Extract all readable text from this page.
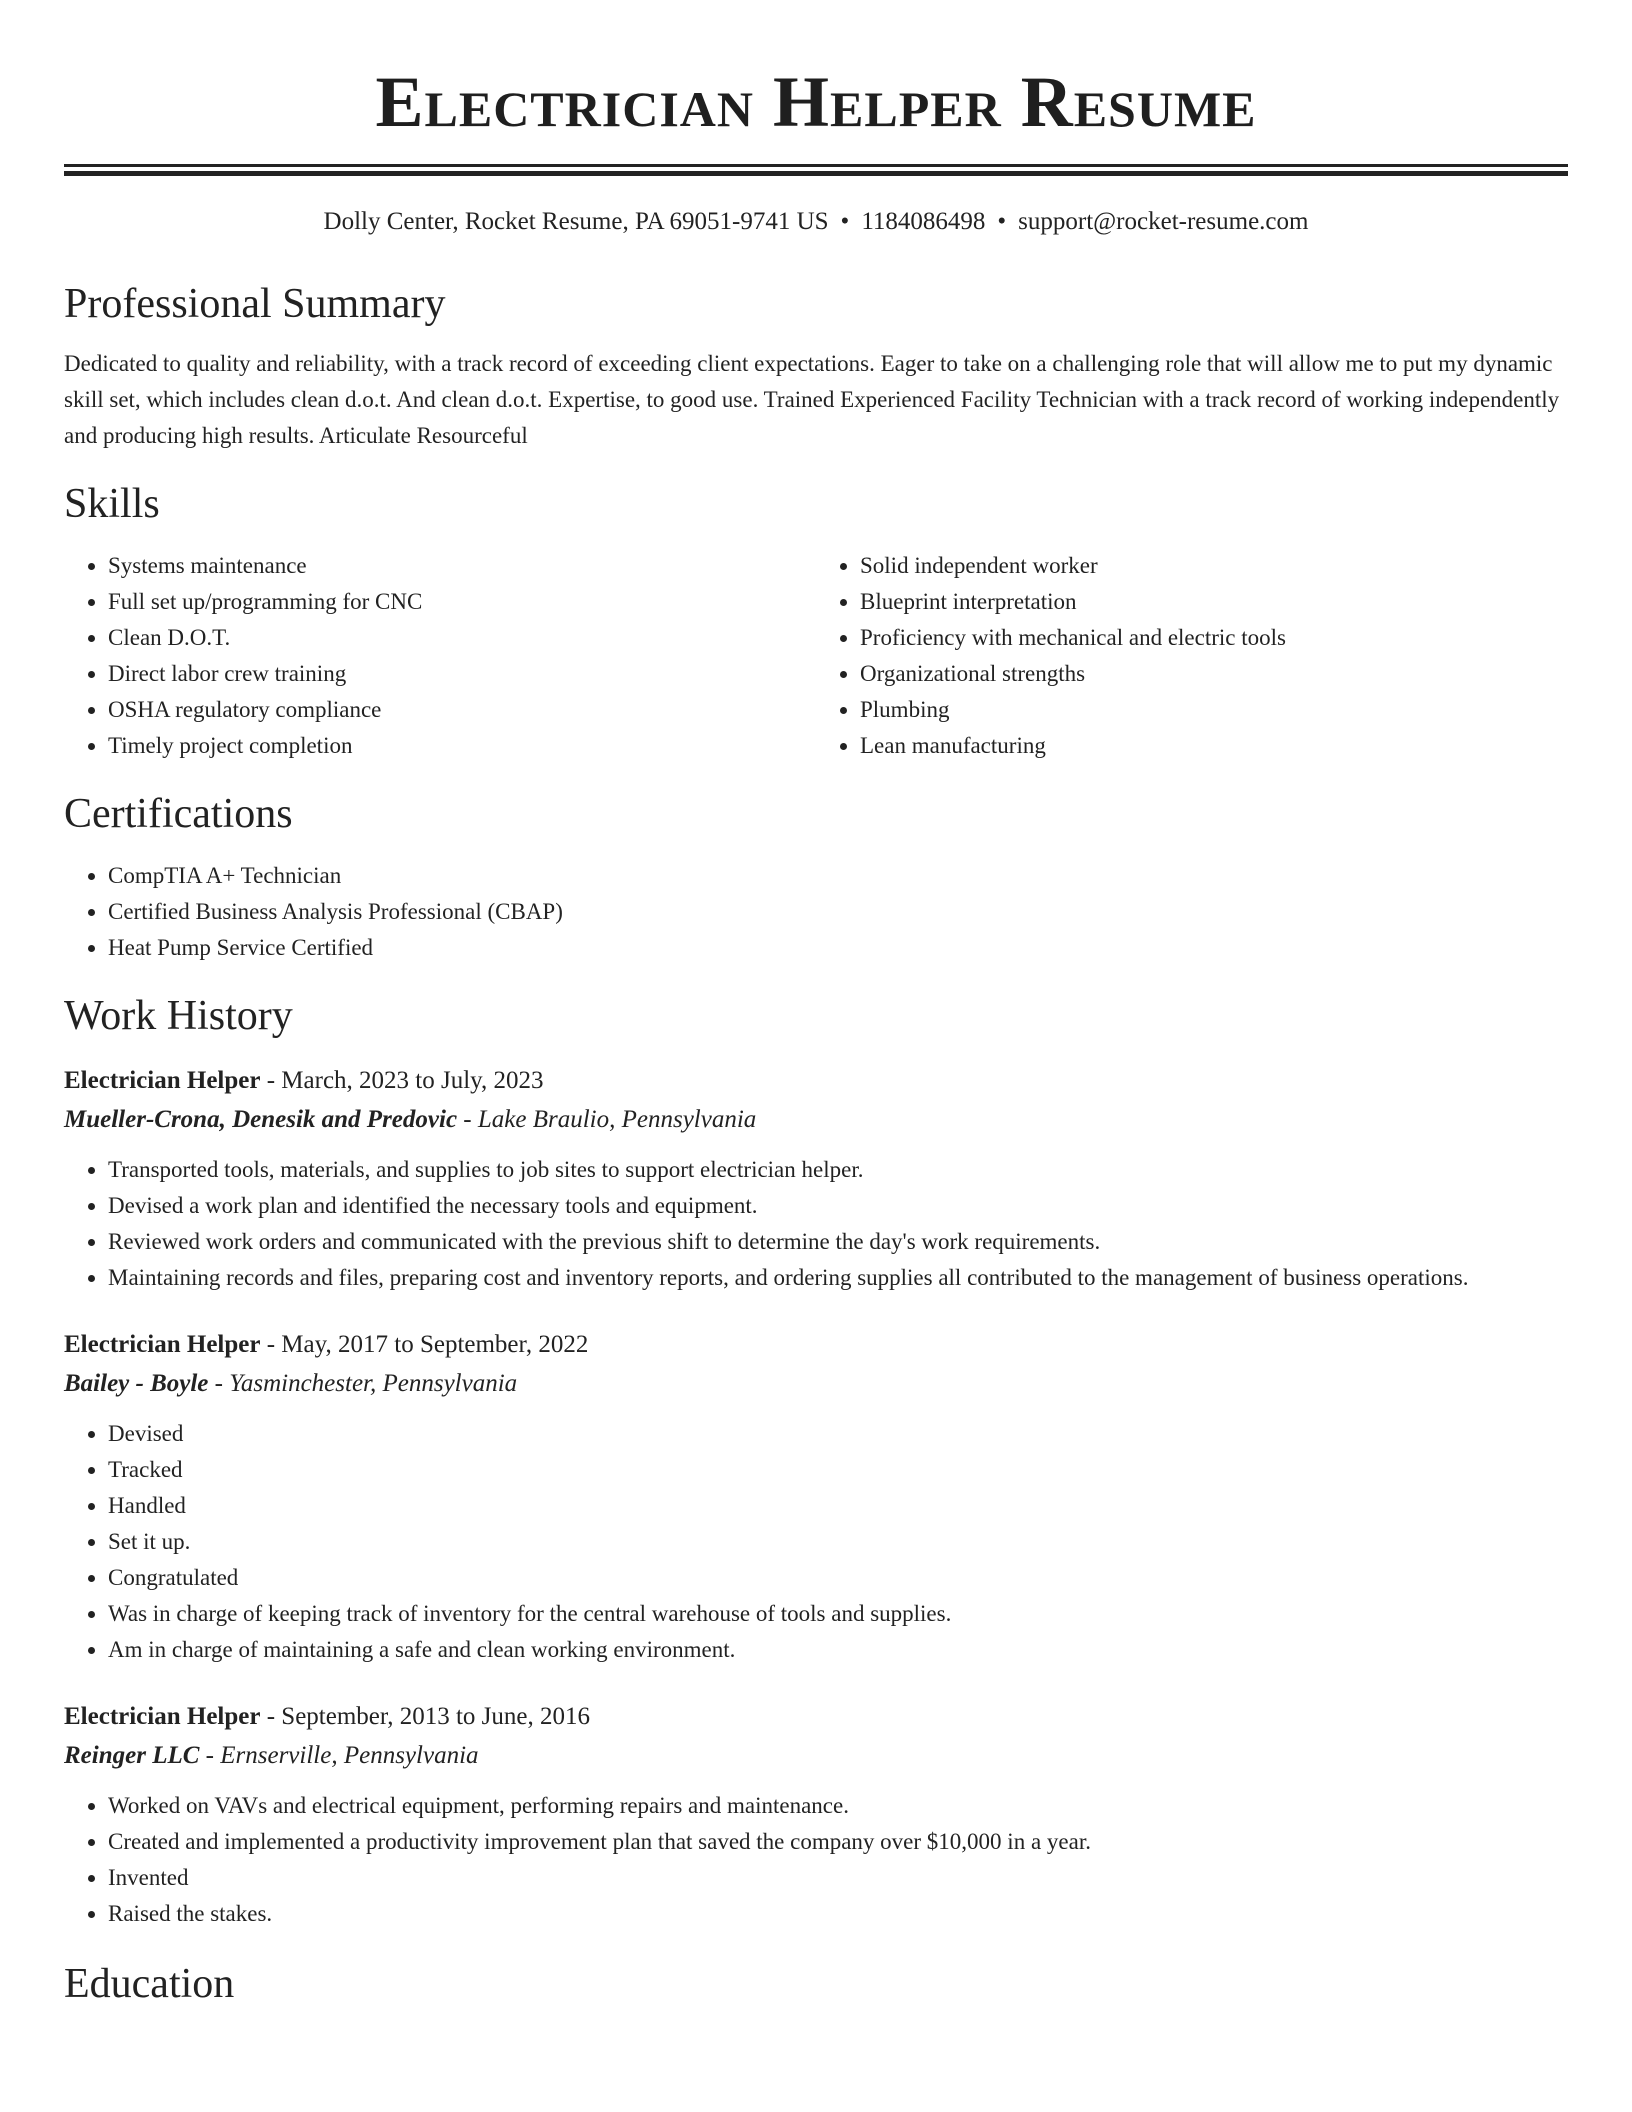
Electrician Helper Resume
Dolly Center, Rocket Resume, PA 69051-9741 US • 1184086498 • support@rocket-resume.com
Professional Summary

Dedicated to quality and reliability, with a track record of exceeding client expectations. Eager to take on a challenging role that will allow me to put my dynamic skill set, which includes clean d.o.t. And clean d.o.t. Expertise, to good use. Trained Experienced Facility Technician with a track record of working independently and producing high results. Articulate Resourceful

Skills
• Systems maintenance
• Full set up/programming for CNC
• Clean D.O.T.
• Direct labor crew training
• OSHA regulatory compliance
• Timely project completion
• Solid independent worker
• Blueprint interpretation
• Proficiency with mechanical and electric tools
• Organizational strengths
• Plumbing
• Lean manufacturing
Certifications
• CompTIA A+ Technician
• Certified Business Analysis Professional (CBAP)
• Heat Pump Service Certified
Work History
Electrician Helper - March, 2023 to July, 2023
Mueller-Crona, Denesik and Predovic - Lake Braulio, Pennsylvania
• Transported tools, materials, and supplies to job sites to support electrician helper.
• Devised a work plan and identified the necessary tools and equipment.
• Reviewed work orders and communicated with the previous shift to determine the day's work requirements.
• Maintaining records and files, preparing cost and inventory reports, and ordering supplies all contributed to the management of business operations.
Electrician Helper - May, 2017 to September, 2022
Bailey - Boyle - Yasminchester, Pennsylvania
• Devised
• Tracked
• Handled
• Set it up.
• Congratulated
• Was in charge of keeping track of inventory for the central warehouse of tools and supplies.
• Am in charge of maintaining a safe and clean working environment.
Electrician Helper - September, 2013 to June, 2016
Reinger LLC - Ernserville, Pennsylvania
• Worked on VAVs and electrical equipment, performing repairs and maintenance.
• Created and implemented a productivity improvement plan that saved the company over $10,000 in a year.
• Invented
• Raised the stakes.
Education
